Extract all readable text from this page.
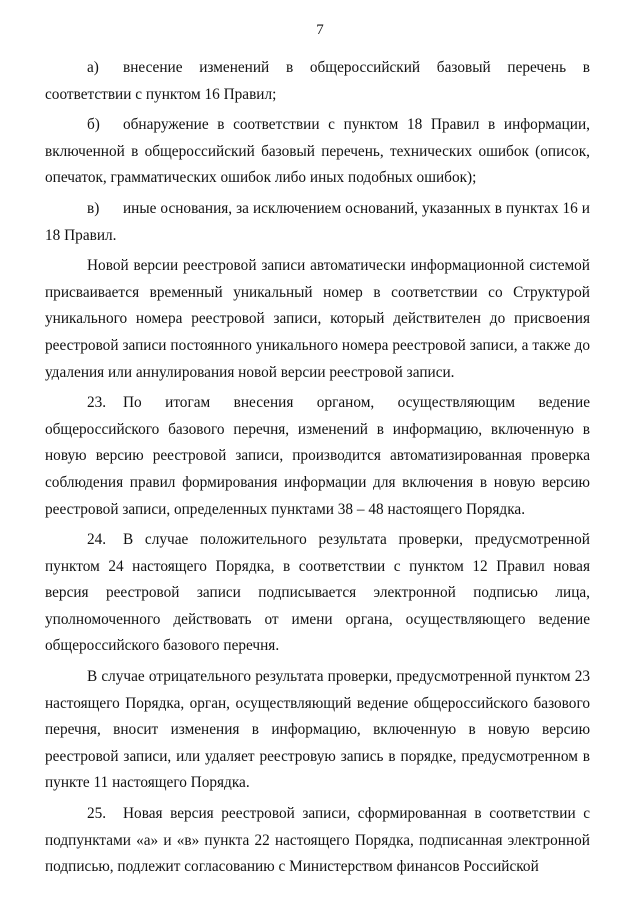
7

а) внесение изменений в общероссийский базовый перечень в соответствии с пунктом 16 Правил;

б) обнаружение в соответствии с пунктом 18 Правил в информации, включенной в общероссийский базовый перечень, технических ошибок (описок, опечаток, грамматических ошибок либо иных подобных ошибок);

в) иные основания, за исключением оснований, указанных в пунктах 16 и 18 Правил.

Новой версии реестровой записи автоматически информационной системой присваивается временный уникальный номер в соответствии со Структурой уникального номера реестровой записи, который действителен до присвоения реестровой записи постоянного уникального номера реестровой записи, а также до удаления или аннулирования новой версии реестровой записи.

23. По итогам внесения органом, осуществляющим ведение общероссийского базового перечня, изменений в информацию, включенную в новую версию реестровой записи, производится автоматизированная проверка соблюдения правил формирования информации для включения в новую версию реестровой записи, определенных пунктами 38 – 48 настоящего Порядка.

24. В случае положительного результата проверки, предусмотренной пунктом 24 настоящего Порядка, в соответствии с пунктом 12 Правил новая версия реестровой записи подписывается электронной подписью лица, уполномоченного действовать от имени органа, осуществляющего ведение общероссийского базового перечня.

В случае отрицательного результата проверки, предусмотренной пунктом 23 настоящего Порядка, орган, осуществляющий ведение общероссийского базового перечня, вносит изменения в информацию, включенную в новую версию реестровой записи, или удаляет реестровую запись в порядке, предусмотренном в пункте 11 настоящего Порядка.

25. Новая версия реестровой записи, сформированная в соответствии с подпунктами «а» и «в» пункта 22 настоящего Порядка, подписанная электронной подписью, подлежит согласованию с Министерством финансов Российской
